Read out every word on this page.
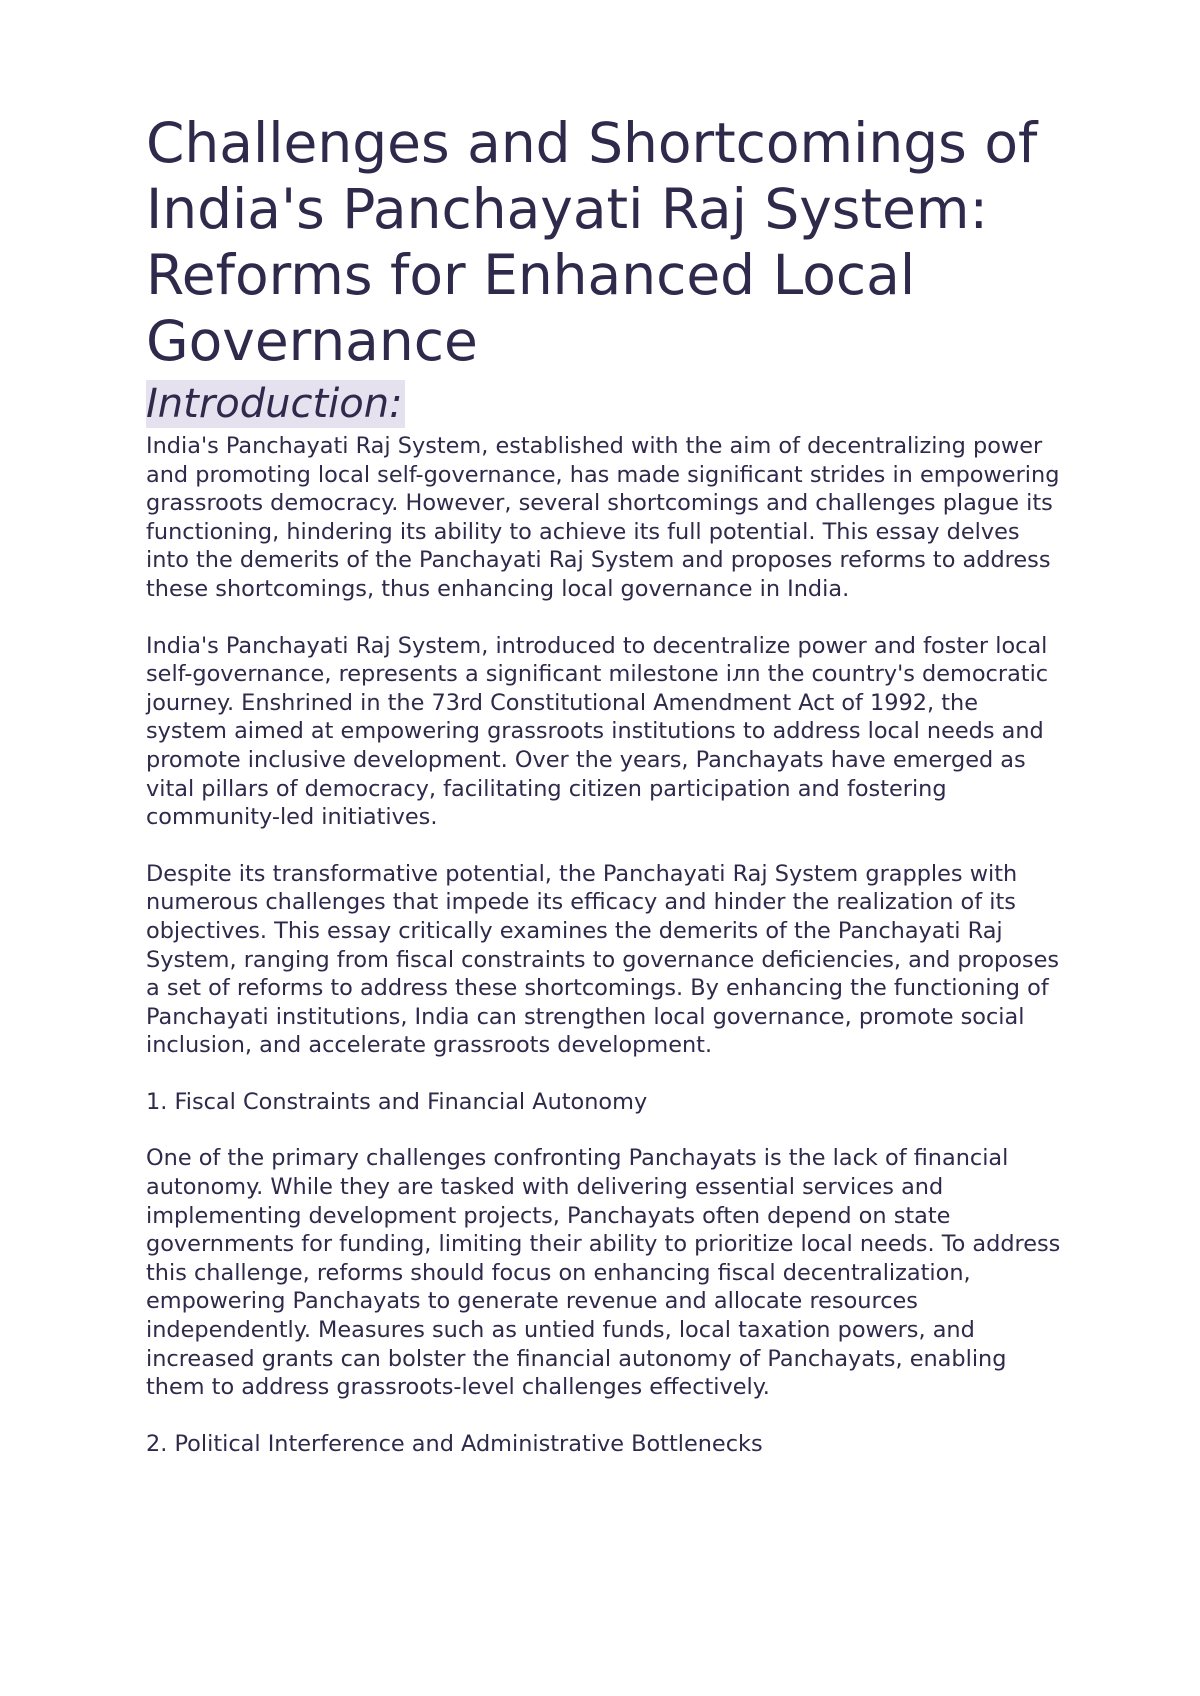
Challenges and Shortcomings of India's Panchayati Raj System: Reforms for Enhanced Local Governance
Introduction:

India's Panchayati Raj System, established with the aim of decentralizing power and promoting local self-governance, has made significant strides in empowering grassroots democracy. However, several shortcomings and challenges plague its functioning, hindering its ability to achieve its full potential. This essay delves into the demerits of the Panchayati Raj System and proposes reforms to address these shortcomings, thus enhancing local governance in India.

India's Panchayati Raj System, introduced to decentralize power and foster local self-governance, represents a significant milestone iлn the country's democratic journey. Enshrined in the 73rd Constitutional Amendment Act of 1992, the system aimed at empowering grassroots institutions to address local needs and promote inclusive development. Over the years, Panchayats have emerged as vital pillars of democracy, facilitating citizen participation and fostering community-led initiatives.

Despite its transformative potential, the Panchayati Raj System grapples with numerous challenges that impede its efficacy and hinder the realization of its objectives. This essay critically examines the demerits of the Panchayati Raj System, ranging from fiscal constraints to governance deficiencies, and proposes a set of reforms to address these shortcomings. By enhancing the functioning of Panchayati institutions, India can strengthen local governance, promote social inclusion, and accelerate grassroots development.

1. Fiscal Constraints and Financial Autonomy

One of the primary challenges confronting Panchayats is the lack of financial autonomy. While they are tasked with delivering essential services and implementing development projects, Panchayats often depend on state governments for funding, limiting their ability to prioritize local needs. To address this challenge, reforms should focus on enhancing fiscal decentralization, empowering Panchayats to generate revenue and allocate resources independently. Measures such as untied funds, local taxation powers, and increased grants can bolster the financial autonomy of Panchayats, enabling them to address grassroots-level challenges effectively.

2. Political Interference and Administrative Bottlenecks
